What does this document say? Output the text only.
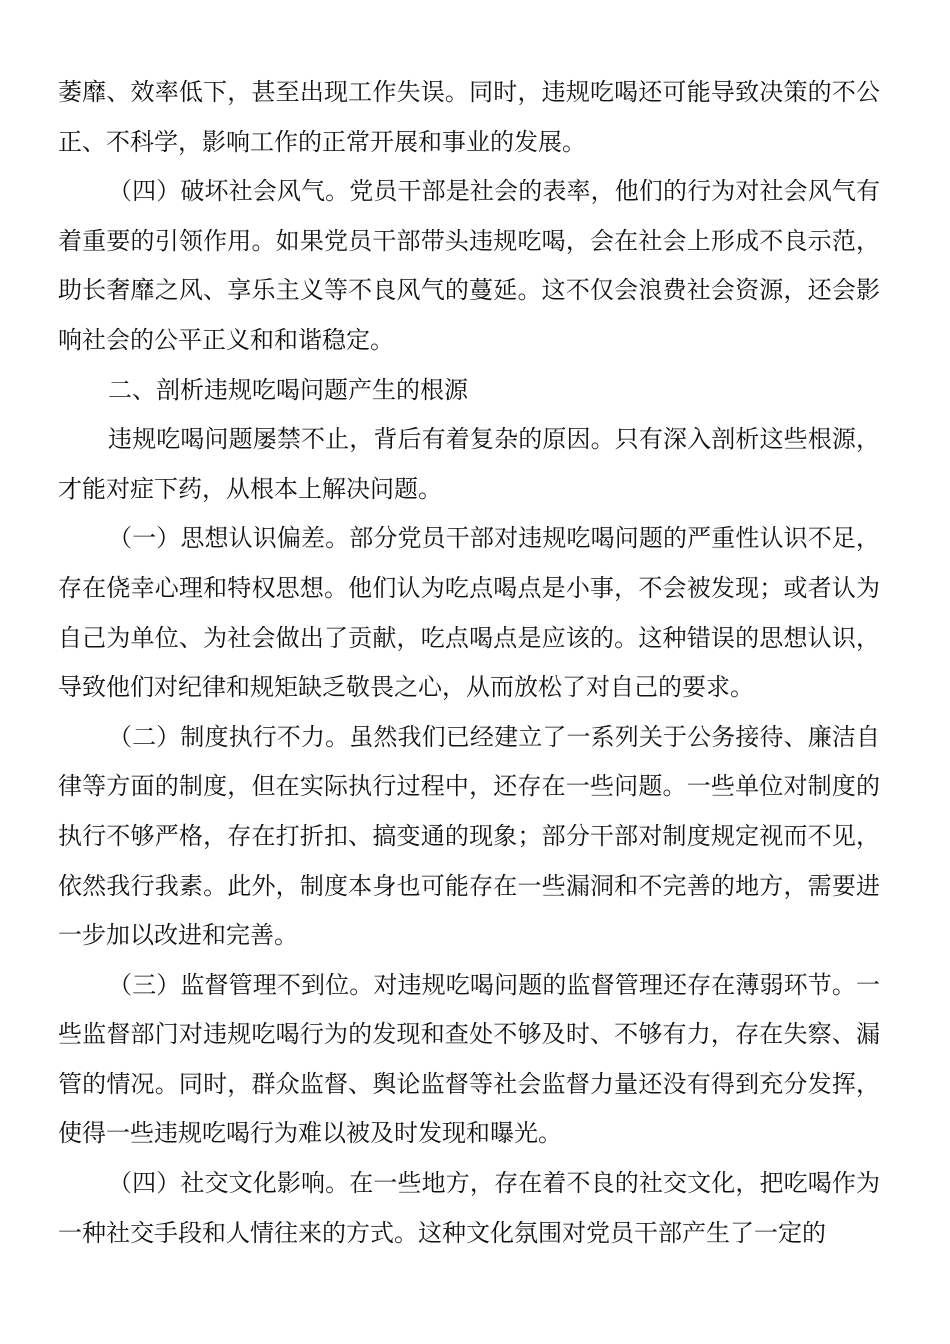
萎靡、效率低下，甚至出现工作失误。同时，违规吃喝还可能导致决策的不公正、不科学，影响工作的正常开展和事业的发展。

（四）破坏社会风气。党员干部是社会的表率，他们的行为对社会风气有着重要的引领作用。如果党员干部带头违规吃喝，会在社会上形成不良示范，助长奢靡之风、享乐主义等不良风气的蔓延。这不仅会浪费社会资源，还会影响社会的公平正义和和谐稳定。

二、剖析违规吃喝问题产生的根源

违规吃喝问题屡禁不止，背后有着复杂的原因。只有深入剖析这些根源，才能对症下药，从根本上解决问题。

（一）思想认识偏差。部分党员干部对违规吃喝问题的严重性认识不足，存在侥幸心理和特权思想。他们认为吃点喝点是小事，不会被发现；或者认为自己为单位、为社会做出了贡献，吃点喝点是应该的。这种错误的思想认识，导致他们对纪律和规矩缺乏敬畏之心，从而放松了对自己的要求。

（二）制度执行不力。虽然我们已经建立了一系列关于公务接待、廉洁自律等方面的制度，但在实际执行过程中，还存在一些问题。一些单位对制度的执行不够严格，存在打折扣、搞变通的现象；部分干部对制度规定视而不见，依然我行我素。此外，制度本身也可能存在一些漏洞和不完善的地方，需要进一步加以改进和完善。

（三）监督管理不到位。对违规吃喝问题的监督管理还存在薄弱环节。一些监督部门对违规吃喝行为的发现和查处不够及时、不够有力，存在失察、漏管的情况。同时，群众监督、舆论监督等社会监督力量还没有得到充分发挥，使得一些违规吃喝行为难以被及时发现和曝光。

（四）社交文化影响。在一些地方，存在着不良的社交文化，把吃喝作为一种社交手段和人情往来的方式。这种文化氛围对党员干部产生了一定的
